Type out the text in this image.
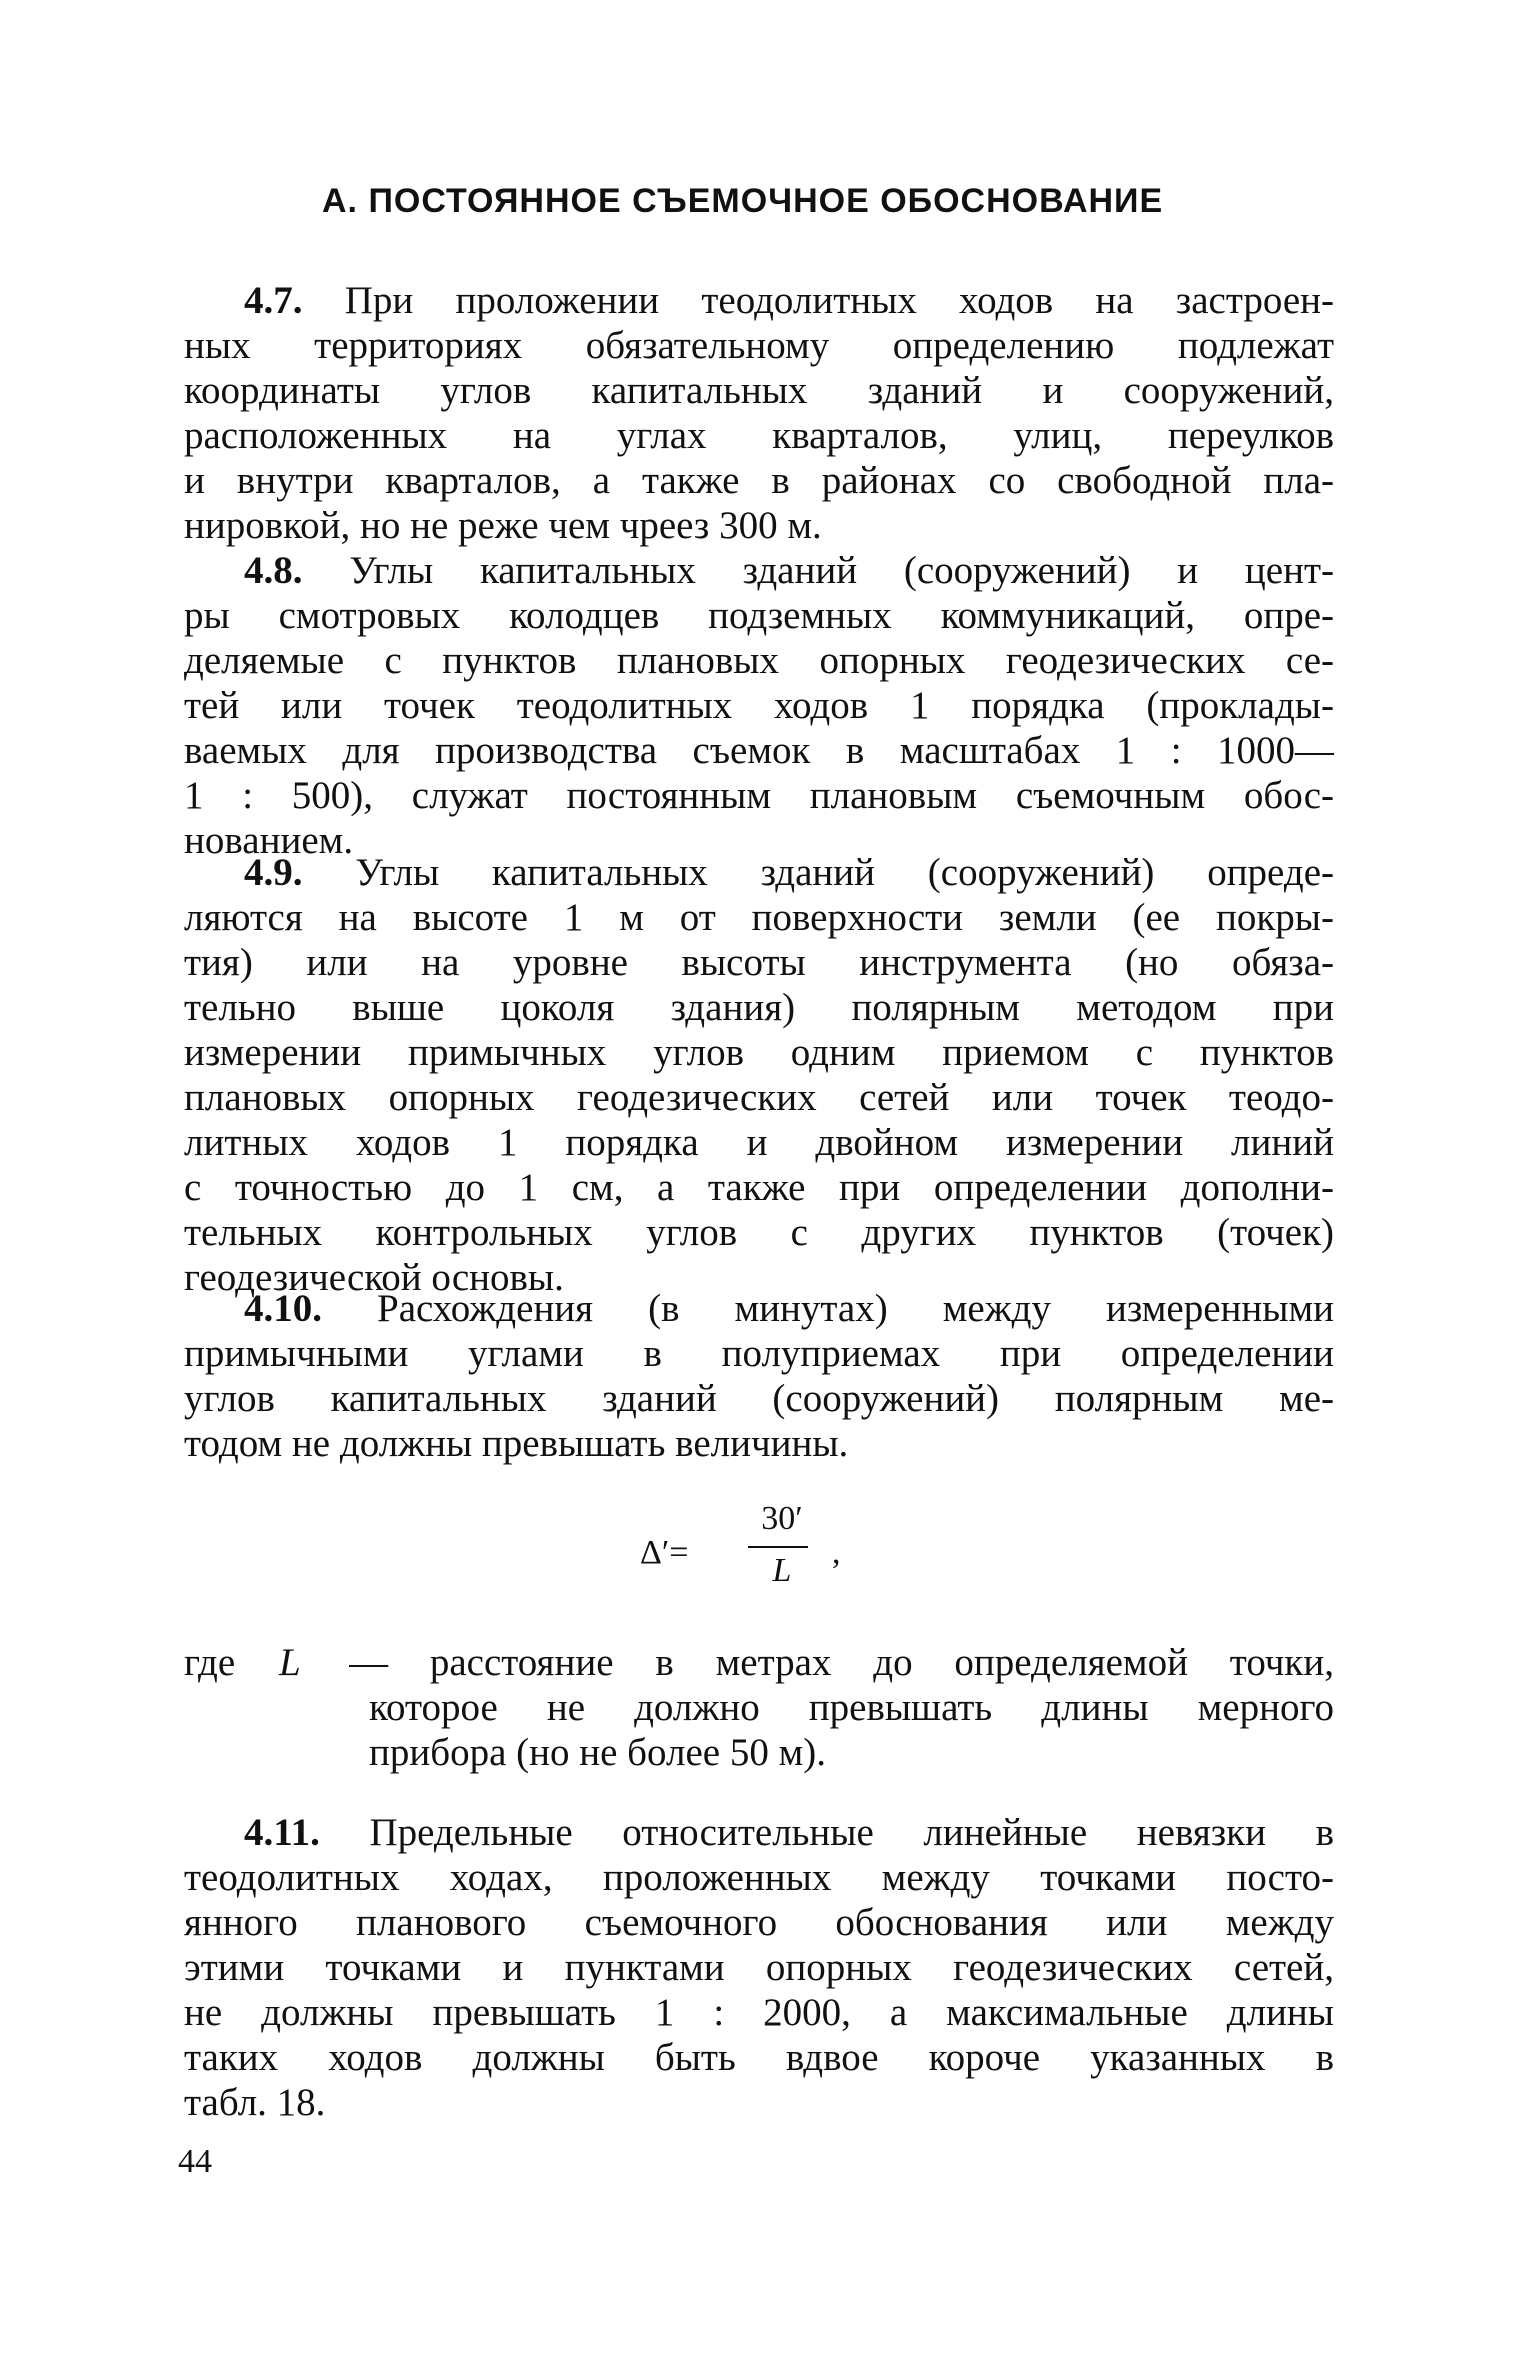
А. ПОСТОЯННОЕ СЪЕМОЧНОЕ ОБОСНОВАНИЕ
4.7. При проложении теодолитных ходов на застроен-
ных территориях обязательному определению подлежат
координаты углов капитальных зданий и сооружений,
расположенных на углах кварталов, улиц, переулков
и внутри кварталов, а также в районах со свободной пла-
нировкой, но не реже чем чреез 300 м.
4.8. Углы капитальных зданий (сооружений) и цент-
ры смотровых колодцев подземных коммуникаций, опре-
деляемые с пунктов плановых опорных геодезических се-
тей или точек теодолитных ходов 1 порядка (проклады-
ваемых для производства съемок в масштабах 1 : 1000—
1 : 500), служат постоянным плановым съемочным обос-
нованием.
4.9. Углы капитальных зданий (сооружений) опреде-
ляются на высоте 1 м от поверхности земли (ее покры-
тия) или на уровне высоты инструмента (но обяза-
тельно выше цоколя здания) полярным методом при
измерении примычных углов одним приемом с пунктов
плановых опорных геодезических сетей или точек теодо-
литных ходов 1 порядка и двойном измерении линий
с точностью до 1 см, а также при определении дополни-
тельных контрольных углов с других пунктов (точек)
геодезической основы.
4.10. Расхождения (в минутах) между измеренными
примычными углами в полуприемах при определении
углов капитальных зданий (сооружений) полярным ме-
тодом не должны превышать величины.
Δ′=
30′
L	,
где L — расстояние в метрах до определяемой точки,
которое не должно превышать длины мерного
прибора (но не более 50 м).
4.11. Предельные относительные линейные невязки в
теодолитных ходах, проложенных между точками посто-
янного планового съемочного обоснования или между
этими точками и пунктами опорных геодезических сетей,
не должны превышать 1 : 2000, а максимальные длины
таких ходов должны быть вдвое короче указанных в
табл. 18.
44
